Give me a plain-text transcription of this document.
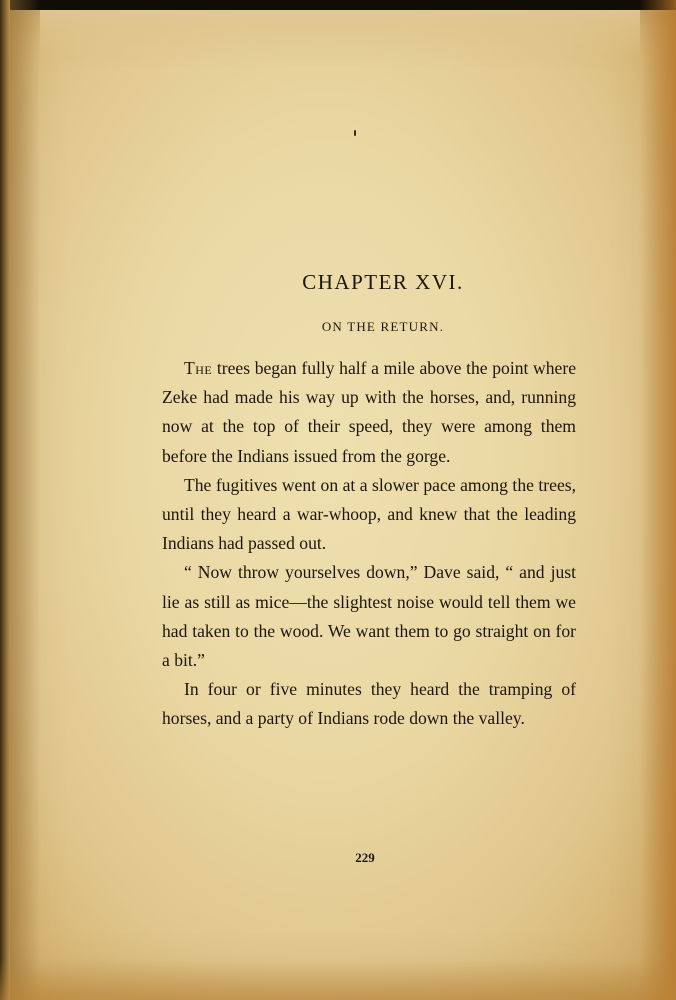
CHAPTER XVI.
ON THE RETURN.

The trees began fully half a mile above the point where Zeke had made his way up with the horses, and, running now at the top of their speed, they were among them before the Indians issued from the gorge.

The fugitives went on at a slower pace among the trees, until they heard a war-whoop, and knew that the leading Indians had passed out.

“ Now throw yourselves down,” Dave said, “ and just lie as still as mice—the slightest noise would tell them we had taken to the wood. We want them to go straight on for a bit.”

In four or five minutes they heard the tramping of horses, and a party of Indians rode down the valley.

229
